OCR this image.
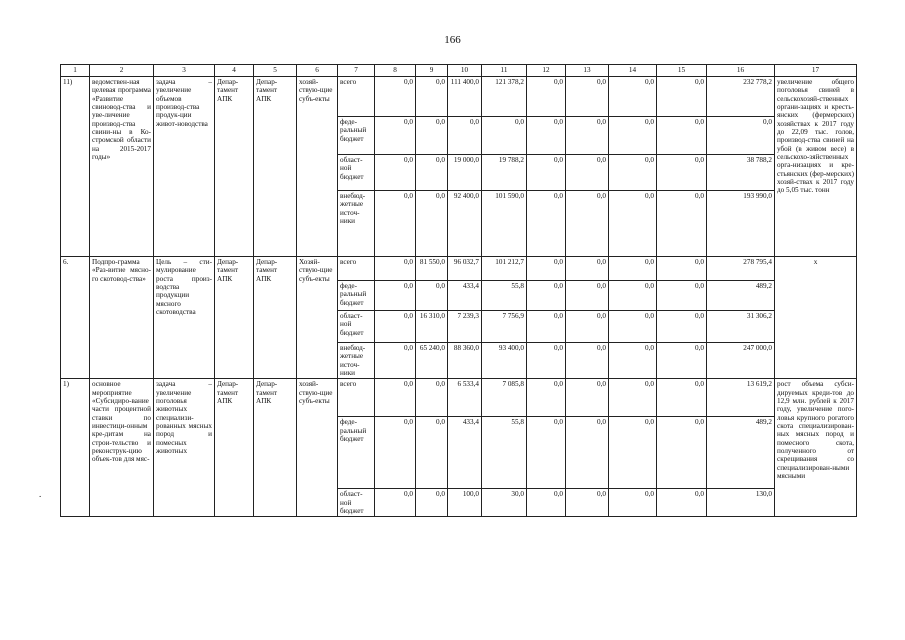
166
.
1	2	3	4	5	6	7	8	9	10	11	12	13	14	15	16	17
11)	ведомствен-ная целевая программа «Развитие свиновод-ства и уве-личение производ-ства свини-ны в Ко-стромской области на 2015-2017 годы»	задача – увеличение объемов производ-ства продук-ции живот-новодства	Депар-тамент АПК	Депар-тамент АПК	хозяй-ствую-щие субъ-екты	всего	0,0	0,0	111 400,0	121 378,2	0,0	0,0	0,0	0,0	232 778,2	увеличение общего поголовья свиней в сельскохозяй-ственных органи-зациях и кресть-янских (фермерских) хозяйствах к 2017 году до 22,09 тыс. голов, производ-ства свиней на убой (в живом весе) в сельскохо-зяйственных орга-низациях и кре-стьянских (фер-мерских) хозяй-ствах к 2017 году до 5,05 тыс. тонн
						феде-ральный бюджет	0,0	0,0	0,0	0,0	0,0	0,0	0,0	0,0	0,0	
						област-ной бюджет	0,0	0,0	19 000,0	19 788,2	0,0	0,0	0,0	0,0	38 788,2	
						внебюд-жетные источ-ники	0,0	0,0	92 400,0	101 590,0	0,0	0,0	0,0	0,0	193 990,0	
6.	Подпро-грамма «Раз-витие мясно-го скотовод-ства»	Цель – сти-мулирование роста произ-водства продукции мясного скотоводства	Депар-тамент АПК	Депар-тамент АПК	Хозяй-ствую-щие субъ-екты	всего	0,0	81 550,0	96 032,7	101 212,7	0,0	0,0	0,0	0,0	278 795,4	х
						феде-ральный бюджет	0,0	0,0	433,4	55,8	0,0	0,0	0,0	0,0	489,2	
						област-ной бюджет	0,0	16 310,0	7 239,3	7 756,9	0,0	0,0	0,0	0,0	31 306,2	
						внебюд-жетные источ-ники	0,0	65 240,0	88 360,0	93 400,0	0,0	0,0	0,0	0,0	247 000,0	
1)	основное мероприятие «Субсидиро-вание части процентной ставки по инвестици-онным кре-дитам на строи-тельство и реконструк-цию объек-тов для мяс-	задача – увеличение поголовья животных специализи-рованных мясных пород и помесных животных	Депар-тамент АПК	Депар-тамент АПК	хозяй-ствую-щие субъ-екты	всего	0,0	0,0	6 533,4	7 085,8	0,0	0,0	0,0	0,0	13 619,2	рост объема субси-дируемых креди-тов до 12,9 млн. рублей к 2017 году, увеличение пого-ловья крупного рогатого скота специализирован-ных мясных пород и помесного скота, полученного от скрещивания со специализирован-ными мясными
						феде-ральный бюджет	0,0	0,0	433,4	55,8	0,0	0,0	0,0	0,0	489,2	
						област-ной бюджет	0,0	0,0	100,0	30,0	0,0	0,0	0,0	0,0	130,0	
